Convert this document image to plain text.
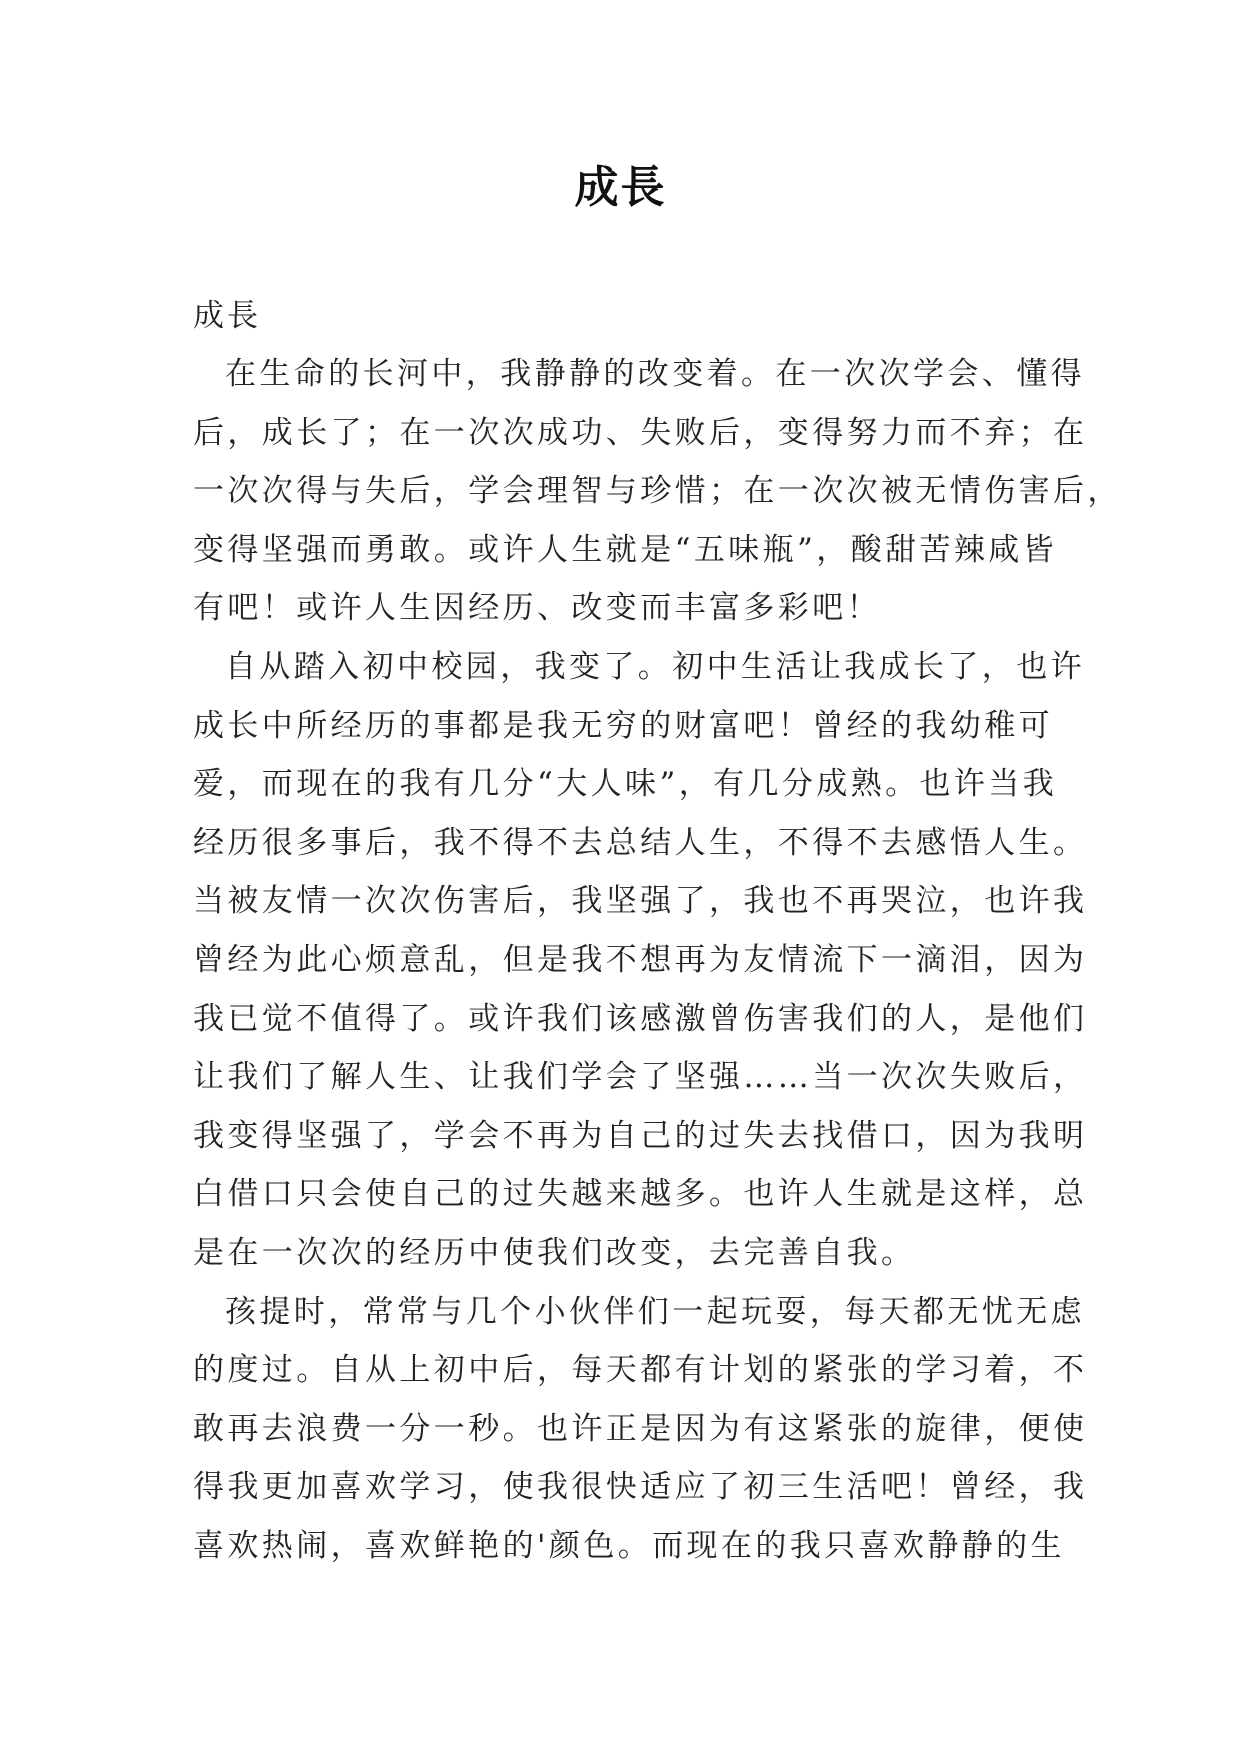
成長
成長
在生命的长河中，我静静的改变着。在一次次学会、懂得
后，成长了；在一次次成功、失败后，变得努力而不弃；在
一次次得与失后，学会理智与珍惜；在一次次被无情伤害后，
变得坚强而勇敢。或许人生就是“五味瓶”，酸甜苦辣咸皆
有吧！或许人生因经历、改变而丰富多彩吧！
自从踏入初中校园，我变了。初中生活让我成长了，也许
成长中所经历的事都是我无穷的财富吧！曾经的我幼稚可
爱，而现在的我有几分“大人味”，有几分成熟。也许当我
经历很多事后，我不得不去总结人生，不得不去感悟人生。
当被友情一次次伤害后，我坚强了，我也不再哭泣，也许我
曾经为此心烦意乱，但是我不想再为友情流下一滴泪，因为
我已觉不值得了。或许我们该感激曾伤害我们的人，是他们
让我们了解人生、让我们学会了坚强……当一次次失败后，
我变得坚强了，学会不再为自己的过失去找借口，因为我明
白借口只会使自己的过失越来越多。也许人生就是这样，总
是在一次次的经历中使我们改变，去完善自我。
孩提时，常常与几个小伙伴们一起玩耍，每天都无忧无虑
的度过。自从上初中后，每天都有计划的紧张的学习着，不
敢再去浪费一分一秒。也许正是因为有这紧张的旋律，便使
得我更加喜欢学习，使我很快适应了初三生活吧！曾经，我
喜欢热闹，喜欢鲜艳的'颜色。而现在的我只喜欢静静的生
